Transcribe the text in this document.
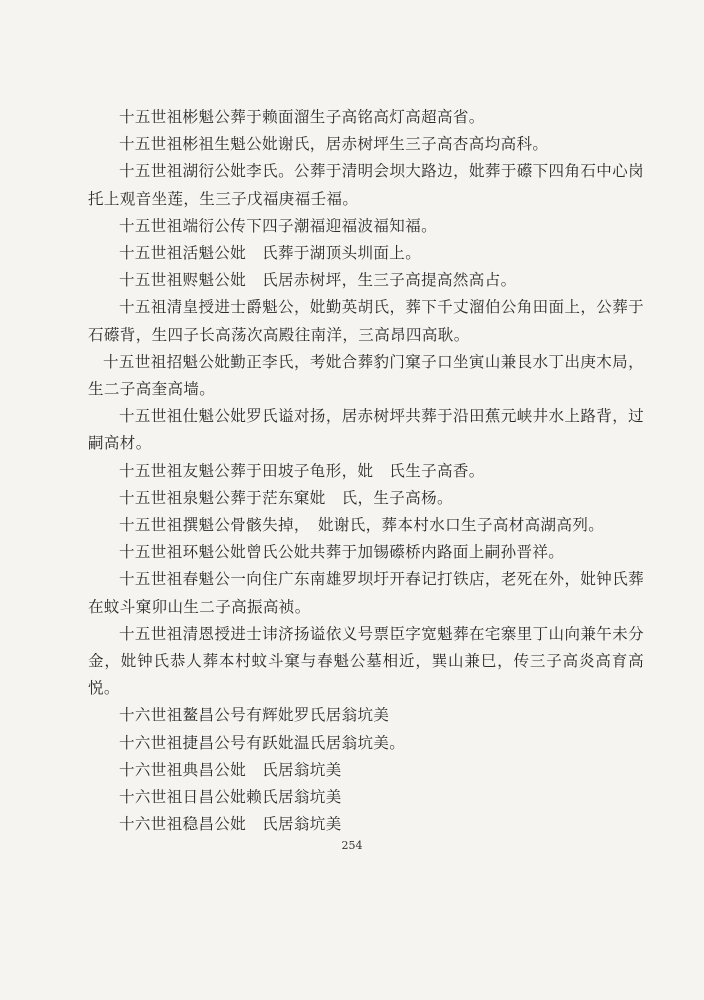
十五世祖彬魁公葬于赖面溜生子高铭高灯高超高省。

十五世祖彬祖生魁公妣谢氏，居赤树坪生三子高杏高均高科。

十五世祖湖衍公妣李氏。公葬于清明会坝大路边，妣葬于礤下四角石中心岗托上观音坐莲，生三子戊福庚福壬福。

十五世祖端衍公传下四子潮福迎福波福知福。

十五世祖活魁公妣　氏葬于湖顶头圳面上。

十五世祖赆魁公妣　氏居赤树坪，生三子高提高然高占。

十五祖清皇授进士爵魁公，妣勤英胡氏，葬下千丈溜伯公角田面上，公葬于石礤背，生四子长高荡次高殿往南洋，三高昂四高耿。

十五世祖招魁公妣勤正李氏，考妣合葬豹门窠子口坐寅山兼艮水丁出庚木局，生二子高奎高墙。

十五世祖仕魁公妣罗氏谥对扬，居赤树坪共葬于沿田蕉元峡井水上路背，过嗣高材。

十五世祖友魁公葬于田坡子龟形，妣　氏生子高香。

十五世祖泉魁公葬于茫东窠妣　氏，生子高杨。

十五世祖撰魁公骨骸失掉，　妣谢氏，葬本村水口生子高材高湖高列。

十五世祖环魁公妣曾氏公妣共葬于加锡礤桥内路面上嗣孙晋祥。

十五世祖春魁公一向住广东南雄罗坝圩开春记打铁店，老死在外，妣钟氏葬在蚊斗窠卯山生二子高振高祯。

十五世祖清恩授进士讳济扬谥依义号票臣字宽魁葬在宅寨里丁山向兼午未分金，妣钟氏恭人葬本村蚊斗窠与春魁公墓相近，巽山兼巳，传三子高炎高育高悦。

十六世祖鳌昌公号有辉妣罗氏居翁坑美

十六世祖捷昌公号有跃妣温氏居翁坑美。

十六世祖典昌公妣　氏居翁坑美

十六世祖日昌公妣赖氏居翁坑美

十六世祖稳昌公妣　氏居翁坑美

254
